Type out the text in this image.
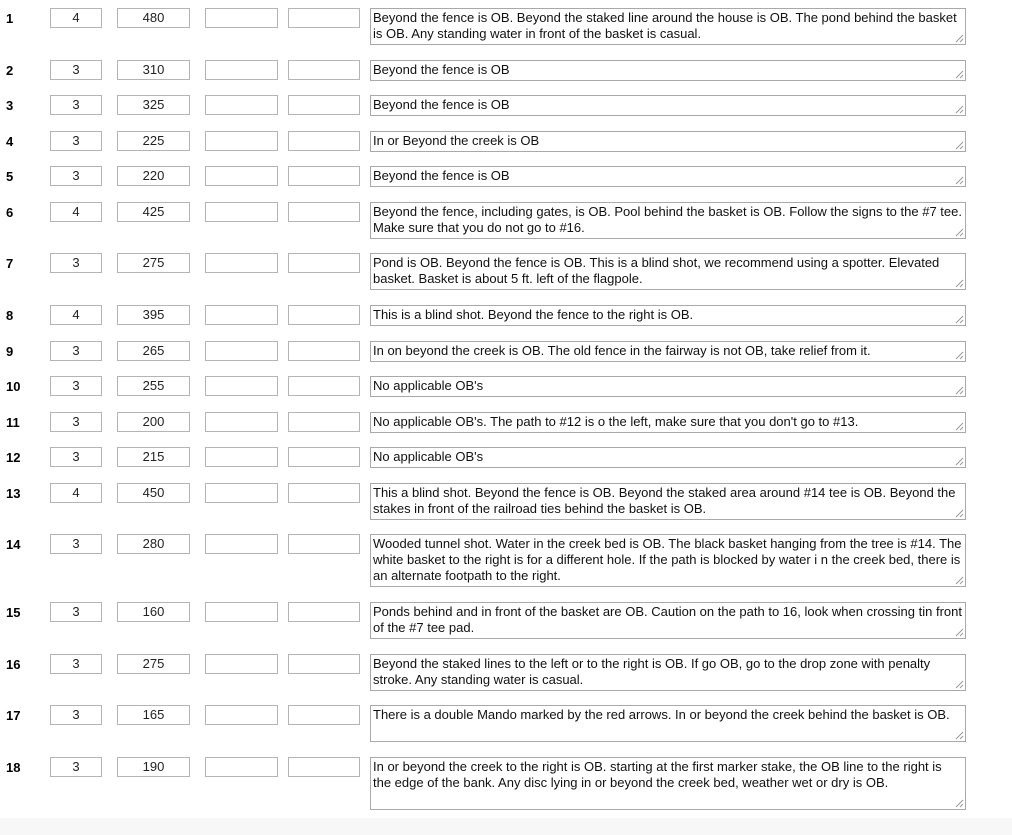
1	4	480	Beyond the fence is OB. Beyond the staked line around the house is OB. The pond behind the basket is OB. Any standing water in front of the basket is casual.
2	3	310	Beyond the fence is OB
3	3	325	Beyond the fence is OB
4	3	225	In or Beyond the creek is OB
5	3	220	Beyond the fence is OB
6	4	425	Beyond the fence, including gates, is OB. Pool behind the basket is OB. Follow the signs to the #7 tee. Make sure that you do not go to #16.
7	3	275	Pond is OB. Beyond the fence is OB. This is a blind shot, we recommend using a spotter. Elevated basket. Basket is about 5 ft. left of the flagpole.
8	4	395	This is a blind shot. Beyond the fence to the right is OB.
9	3	265	In on beyond the creek is OB. The old fence in the fairway is not OB, take relief from it.
10	3	255	No applicable OB's
11	3	200	No applicable OB's. The path to #12 is o the left, make sure that you don't go to #13.
12	3	215	No applicable OB's
13	4	450	This a blind shot. Beyond the fence is OB. Beyond the staked area around #14 tee is OB. Beyond the stakes in front of the railroad ties behind the basket is OB.
14	3	280	Wooded tunnel shot. Water in the creek bed is OB. The black basket hanging from the tree is #14. The white basket to the right is for a different hole. If the path is blocked by water i n the creek bed, there is an alternate footpath to the right.
15	3	160	Ponds behind and in front of the basket are OB. Caution on the path to 16, look when crossing tin front of the #7 tee pad.
16	3	275	Beyond the staked lines to the left or to the right is OB. If go OB, go to the drop zone with penalty stroke. Any standing water is casual.
17	3	165	There is a double Mando marked by the red arrows. In or beyond the creek behind the basket is OB.
18	3	190	In or beyond the creek to the right is OB. starting at the first marker stake, the OB line to the right is the edge of the bank. Any disc lying in or beyond the creek bed, weather wet or dry is OB.
